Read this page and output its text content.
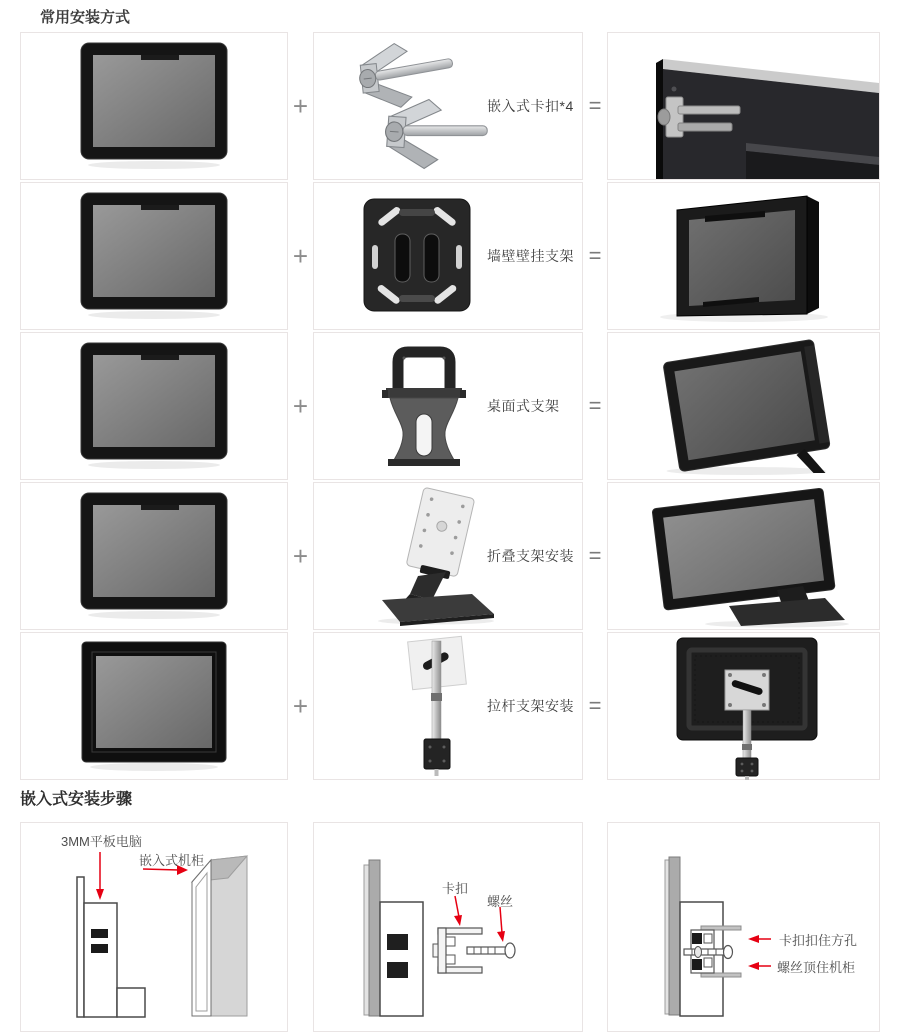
常用安装方式
+	嵌入式卡扣*4 =
+	墙壁壁挂支架 =
+	桌面式支架 =
+	折叠支架安装 =
+	拉杆支架安装 =
嵌入式安装步骤
3MM平板电脑
嵌入式机柜
卡扣
螺丝
卡扣扣住方孔
螺丝顶住机柜
